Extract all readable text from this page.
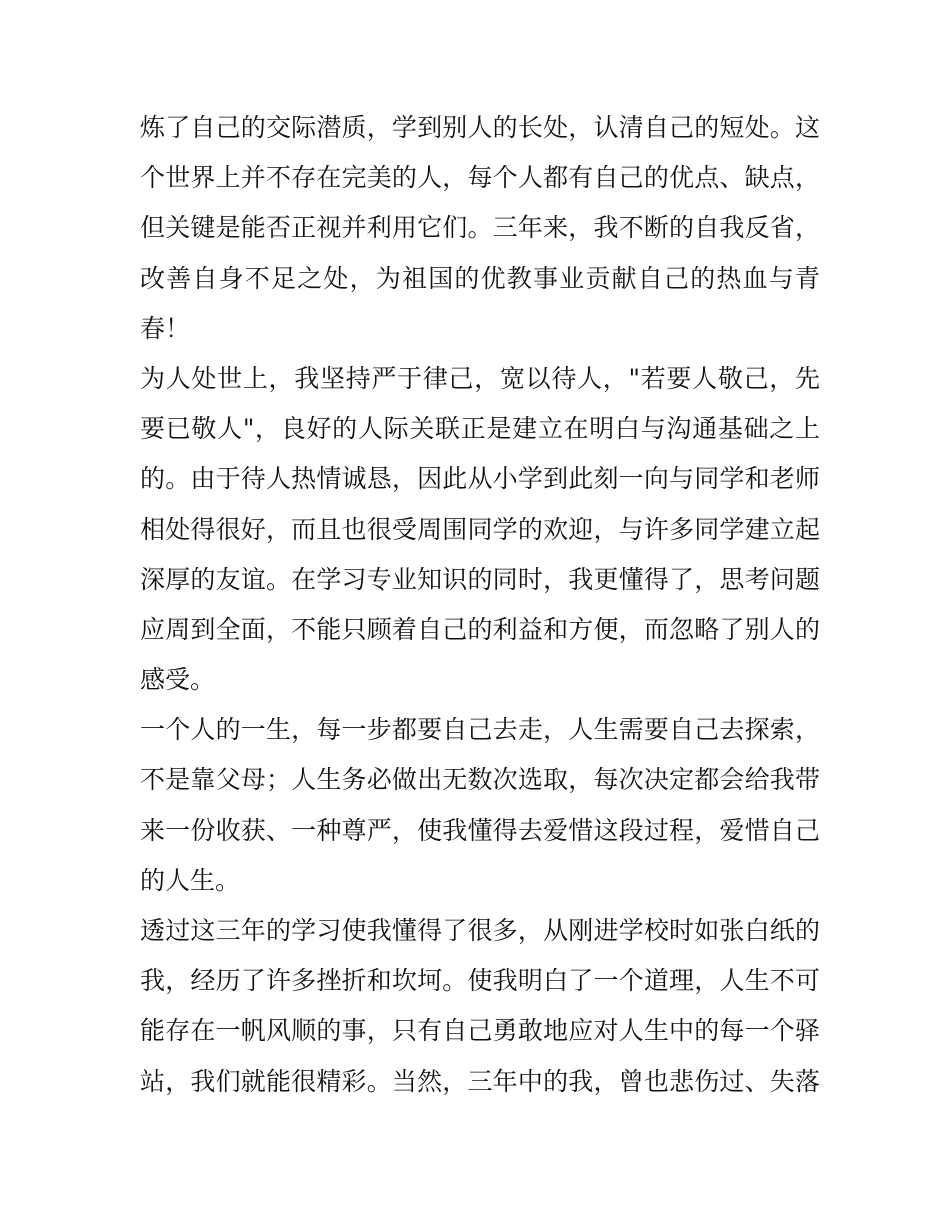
炼了自己的交际潜质，学到别人的长处，认清自己的短处。这
个世界上并不存在完美的人，每个人都有自己的优点、缺点，
但关键是能否正视并利用它们。三年来，我不断的自我反省，
改善自身不足之处，为祖国的优教事业贡献自己的热血与青
春！
为人处世上，我坚持严于律己，宽以待人，"若要人敬己，先
要已敬人"，良好的人际关联正是建立在明白与沟通基础之上
的。由于待人热情诚恳，因此从小学到此刻一向与同学和老师
相处得很好，而且也很受周围同学的欢迎，与许多同学建立起
深厚的友谊。在学习专业知识的同时，我更懂得了，思考问题
应周到全面，不能只顾着自己的利益和方便，而忽略了别人的
感受。
一个人的一生，每一步都要自己去走，人生需要自己去探索，
不是靠父母；人生务必做出无数次选取，每次决定都会给我带
来一份收获、一种尊严，使我懂得去爱惜这段过程，爱惜自己
的人生。
透过这三年的学习使我懂得了很多，从刚进学校时如张白纸的
我，经历了许多挫折和坎坷。使我明白了一个道理，人生不可
能存在一帆风顺的事，只有自己勇敢地应对人生中的每一个驿
站，我们就能很精彩。当然，三年中的我，曾也悲伤过、失落
